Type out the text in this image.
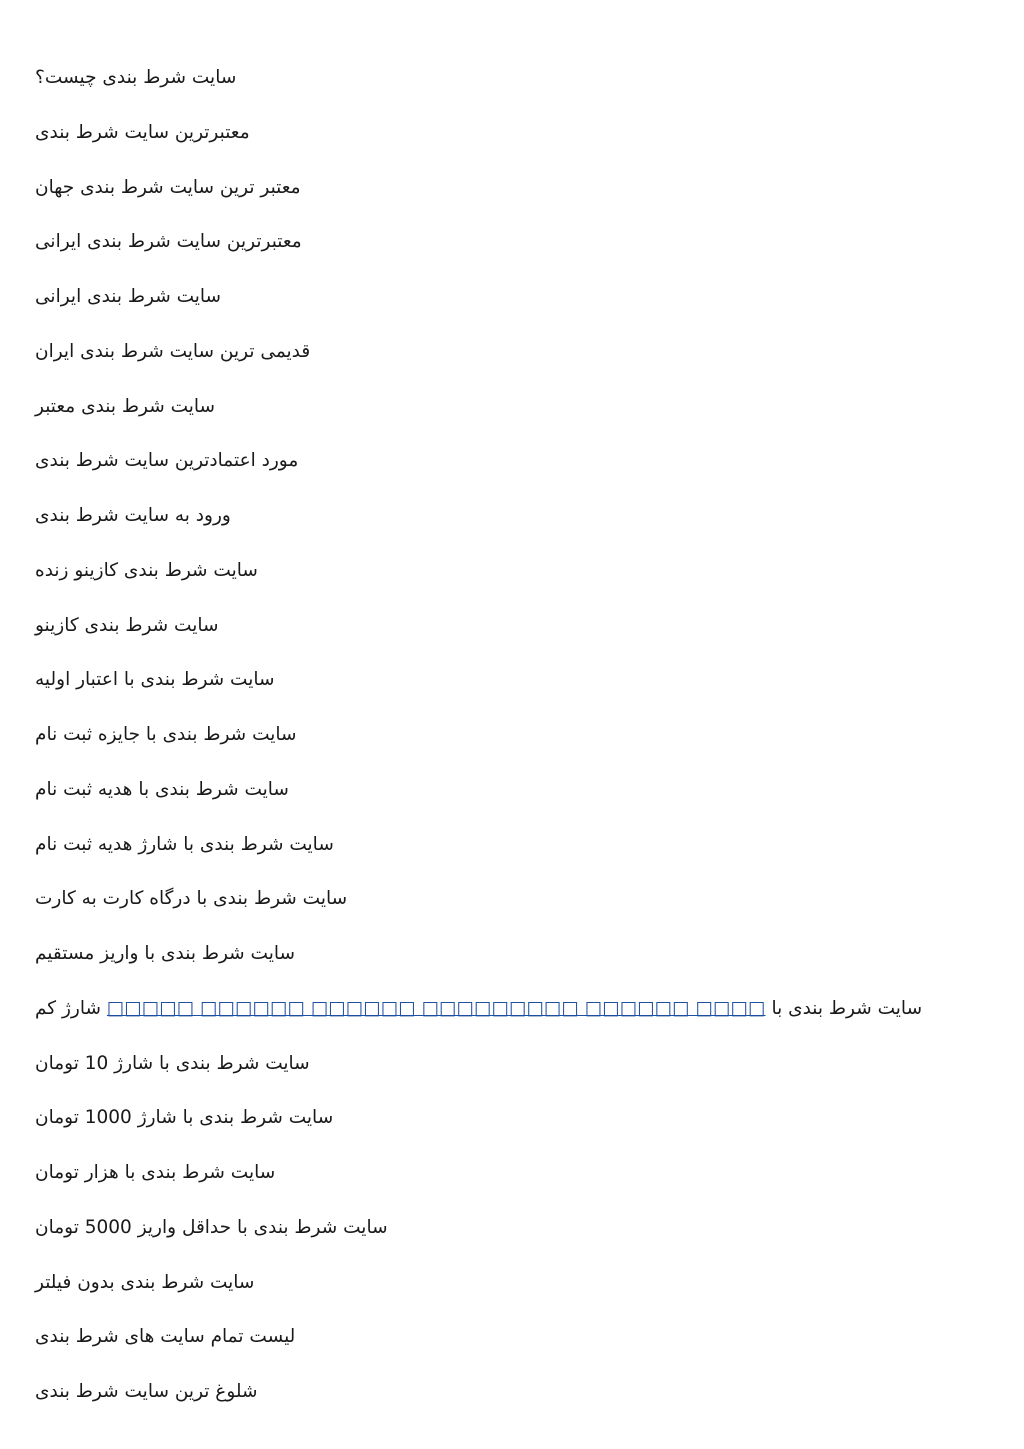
سایت شرط بندی چیست؟
معتبرترین سایت شرط بندی
معتبر ترین سایت شرط بندی جهان
معتبرترین سایت شرط بندی ایرانی
سایت شرط بندی ایرانی
قدیمی ترین سایت شرط بندی ایران
سایت شرط بندی معتبر
مورد اعتمادترین سایت شرط بندی
ورود به سایت شرط بندی
سایت شرط بندی کازینو زنده
سایت شرط بندی کازینو
سایت شرط بندی با اعتبار اولیه
سایت شرط بندی با جایزه ثبت نام
سایت شرط بندی با هدیه ثبت نام
سایت شرط بندی با شارژ هدیه ثبت نام
سایت شرط بندی با درگاه کارت به کارت
سایت شرط بندی با واریز مستقیم
سایت شرط بندی با □□□□ □□□□□□ □□□□□□□□□ □□□□□□ □□□□□□ □□□□□ شارژ کم
سایت شرط بندی با شارژ 10 تومان
سایت شرط بندی با شارژ 1000 تومان
سایت شرط بندی با هزار تومان
سایت شرط بندی با حداقل واریز 5000 تومان
سایت شرط بندی بدون فیلتر
لیست تمام سایت های شرط بندی
شلوغ ترین سایت شرط بندی
